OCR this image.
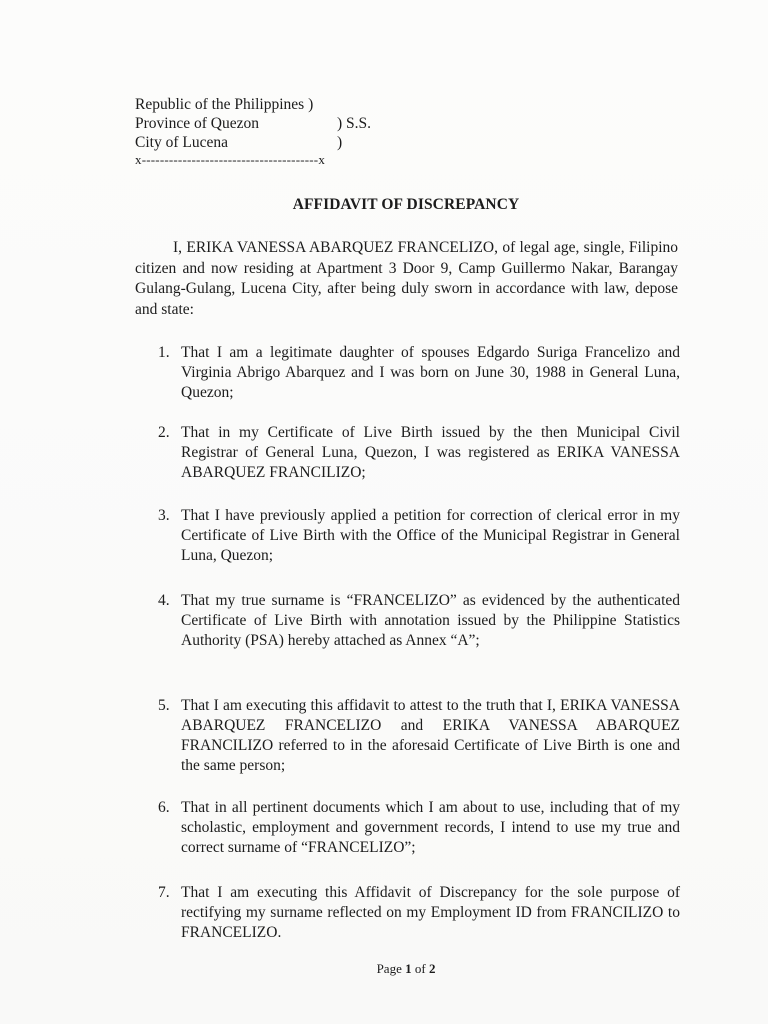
Republic of the Philippines )
Province of Quezon	) S.S.
City of Lucena	)
x---------------------------------------x
AFFIDAVIT OF DISCREPANCY
I, ERIKA VANESSA ABARQUEZ FRANCELIZO, of legal age, single, Filipino citizen and now residing at Apartment 3 Door 9, Camp Guillermo Nakar, Barangay Gulang-Gulang, Lucena City, after being duly sworn in accordance with law, depose and state:
1. That I am a legitimate daughter of spouses Edgardo Suriga Francelizo and Virginia Abrigo Abarquez and I was born on June 30, 1988 in General Luna, Quezon;
2. That in my Certificate of Live Birth issued by the then Municipal Civil Registrar of General Luna, Quezon, I was registered as ERIKA VANESSA ABARQUEZ FRANCILIZO;
3. That I have previously applied a petition for correction of clerical error in my Certificate of Live Birth with the Office of the Municipal Registrar in General Luna, Quezon;
4. That my true surname is “FRANCELIZO” as evidenced by the authenticated Certificate of Live Birth with annotation issued by the Philippine Statistics Authority (PSA) hereby attached as Annex “A”;
5. That I am executing this affidavit to attest to the truth that I, ERIKA VANESSA ABARQUEZ FRANCELIZO and ERIKA VANESSA ABARQUEZ FRANCILIZO referred to in the aforesaid Certificate of Live Birth is one and the same person;
6. That in all pertinent documents which I am about to use, including that of my scholastic, employment and government records, I intend to use my true and correct surname of “FRANCELIZO”;
7. That I am executing this Affidavit of Discrepancy for the sole purpose of rectifying my surname reflected on my Employment ID from FRANCILIZO to FRANCELIZO.
Page 1 of 2
